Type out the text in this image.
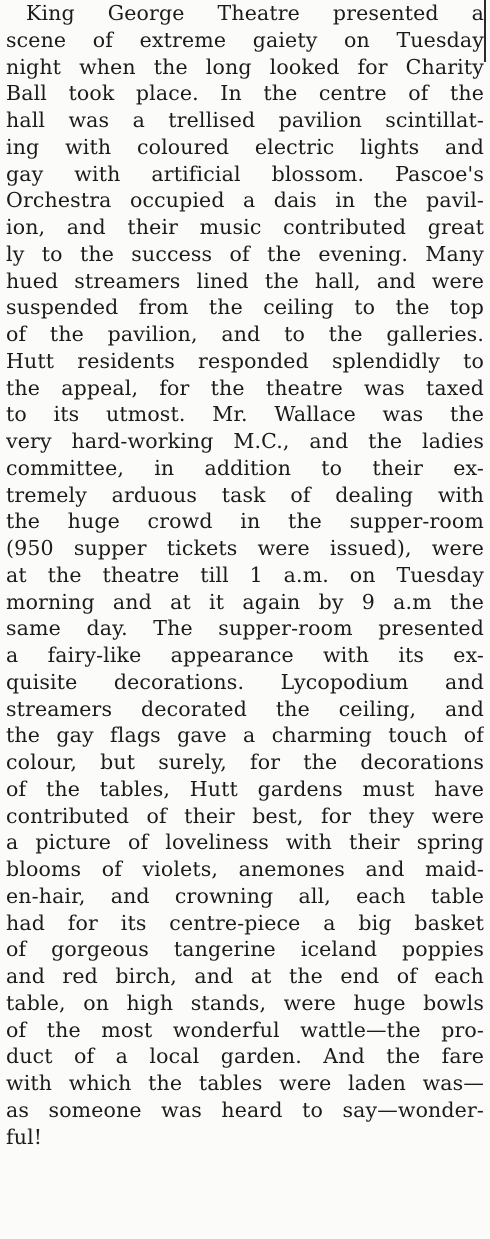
King George Theatre presented a
scene of extreme gaiety on Tuesday
night when the long looked for Charity
Ball took place. In the centre of the
hall was a trellised pavilion scintillat-
ing with coloured electric lights and
gay with artificial blossom. Pascoe's
Orchestra occupied a dais in the pavil-
ion, and their music contributed great
ly to the success of the evening. Many
hued streamers lined the hall, and were
suspended from the ceiling to the top
of the pavilion, and to the galleries.
Hutt residents responded splendidly to
the appeal, for the theatre was taxed
to its utmost. Mr. Wallace was the
very hard-working M.C., and the ladies
committee, in addition to their ex-
tremely arduous task of dealing with
the huge crowd in the supper-room
(950 supper tickets were issued), were
at the theatre till 1 a.m. on Tuesday
morning and at it again by 9 a.m the
same day. The supper-room presented
a fairy-like appearance with its ex-
quisite decorations. Lycopodium and
streamers decorated the ceiling, and
the gay flags gave a charming touch of
colour, but surely, for the decorations
of the tables, Hutt gardens must have
contributed of their best, for they were
a picture of loveliness with their spring
blooms of violets, anemones and maid-
en-hair, and crowning all, each table
had for its centre-piece a big basket
of gorgeous tangerine iceland poppies
and red birch, and at the end of each
table, on high stands, were huge bowls
of the most wonderful wattle—the pro-
duct of a local garden. And the fare
with which the tables were laden was—
as someone was heard to say—wonder-
ful!
